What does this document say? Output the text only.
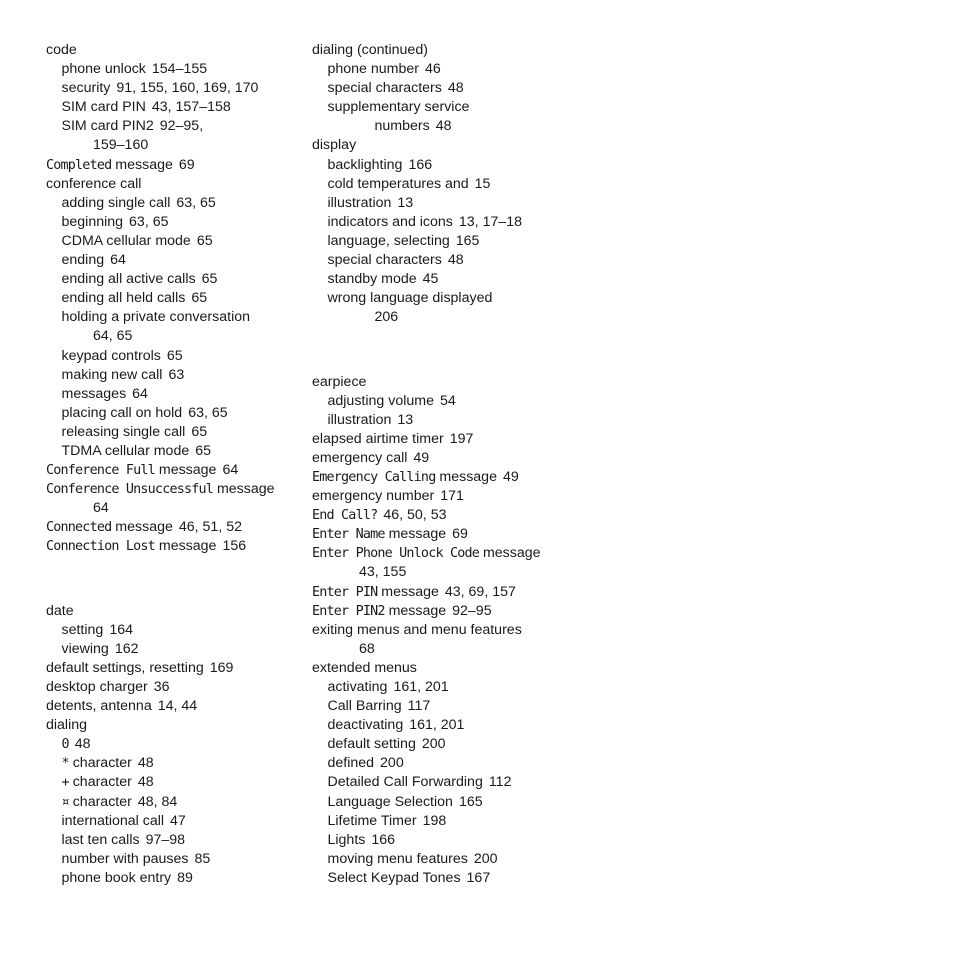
code
phone unlock 154–155
security 91, 155, 160, 169, 170
SIM card PIN 43, 157–158
SIM card PIN2 92–95,
159–160
Completed message 69
conference call
adding single call 63, 65
beginning 63, 65
CDMA cellular mode 65
ending 64
ending all active calls 65
ending all held calls 65
holding a private conversation
64, 65
keypad controls 65
making new call 63
messages 64
placing call on hold 63, 65
releasing single call 65
TDMA cellular mode 65
Conference Full message 64
Conference Unsuccessful message
64
Connected message 46, 51, 52
Connection Lost message 156
date
setting 164
viewing 162
default settings, resetting 169
desktop charger 36
detents, antenna 14, 44
dialing
0 48
* character 48
+ character 48
¤ character 48, 84
international call 47
last ten calls 97–98
number with pauses 85
phone book entry 89
dialing (continued)
phone number 46
special characters 48
supplementary service
numbers 48
display
backlighting 166
cold temperatures and 15
illustration 13
indicators and icons 13, 17–18
language, selecting 165
special characters 48
standby mode 45
wrong language displayed
206
earpiece
adjusting volume 54
illustration 13
elapsed airtime timer 197
emergency call 49
Emergency Calling message 49
emergency number 171
End Call? 46, 50, 53
Enter Name message 69
Enter Phone Unlock Code message
43, 155
Enter PIN message 43, 69, 157
Enter PIN2 message 92–95
exiting menus and menu features
68
extended menus
activating 161, 201
Call Barring 117
deactivating 161, 201
default setting 200
defined 200
Detailed Call Forwarding 112
Language Selection 165
Lifetime Timer 198
Lights 166
moving menu features 200
Select Keypad Tones 167
